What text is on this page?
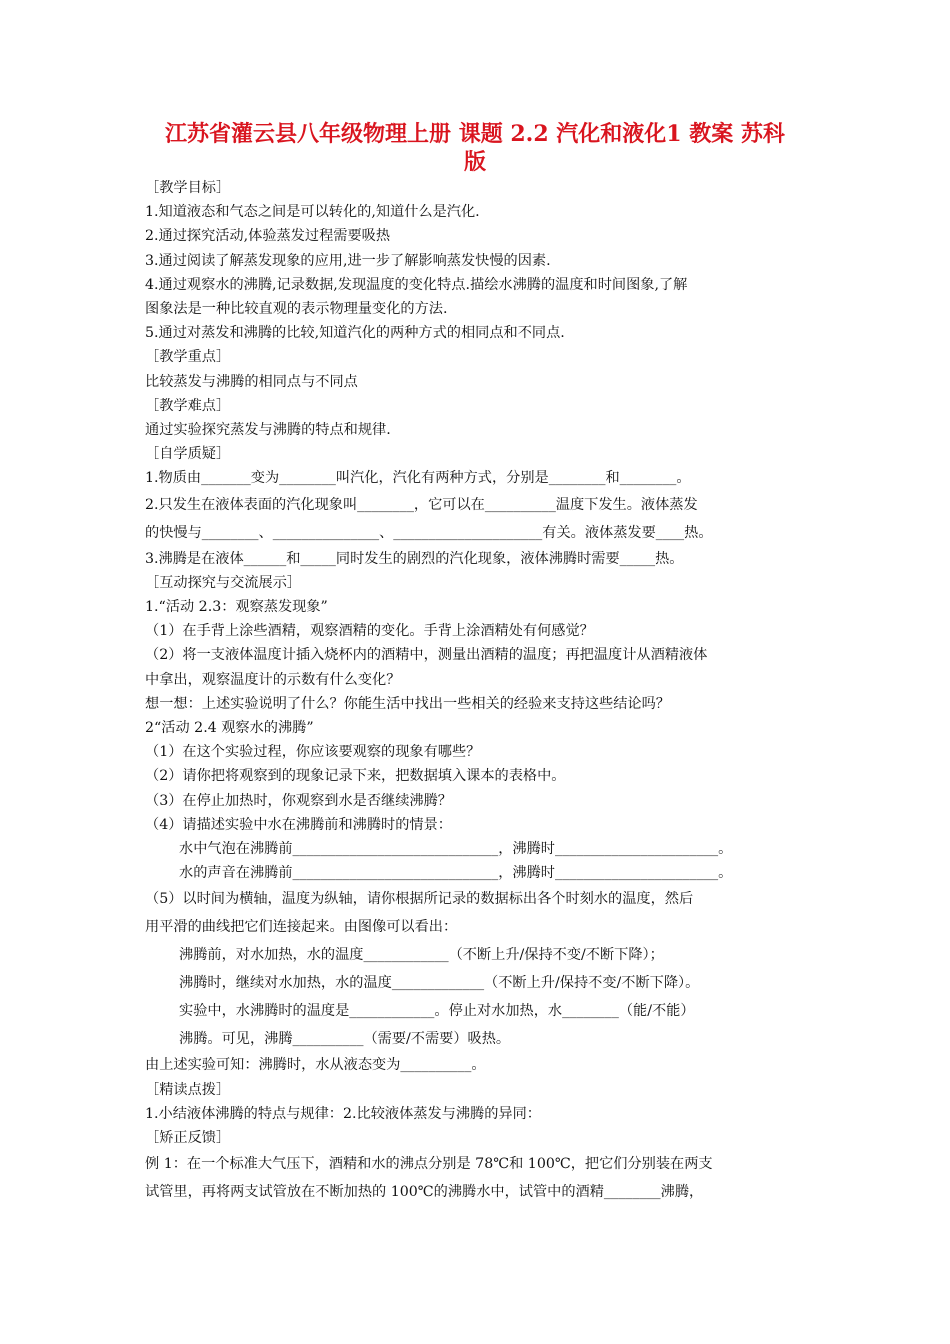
江苏省灌云县八年级物理上册 课题 2.2 汽化和液化1 教案 苏科
版
［教学目标］
1.知道液态和气态之间是可以转化的,知道什么是汽化.
2.通过探究活动,体验蒸发过程需要吸热
3.通过阅读了解蒸发现象的应用,进一步了解影响蒸发快慢的因素.
4.通过观察水的沸腾,记录数据,发现温度的变化特点.描绘水沸腾的温度和时间图象,了解
图象法是一种比较直观的表示物理量变化的方法.
5.通过对蒸发和沸腾的比较,知道汽化的两种方式的相同点和不同点.
［教学重点］
比较蒸发与沸腾的相同点与不同点
［教学难点］
通过实验探究蒸发与沸腾的特点和规律.
［自学质疑］
1.物质由_______变为________叫汽化，汽化有两种方式，分别是________和________。
2.只发生在液体表面的汽化现象叫________，它可以在__________温度下发生。液体蒸发
的快慢与________、_______________、_____________________有关。液体蒸发要____热。
3.沸腾是在液体______和_____同时发生的剧烈的汽化现象，液体沸腾时需要_____热。
［互动探究与交流展示］
1.“活动 2.3：观察蒸发现象”
（1）在手背上涂些酒精，观察酒精的变化。手背上涂酒精处有何感觉？
（2）将一支液体温度计插入烧杯内的酒精中，测量出酒精的温度；再把温度计从酒精液体
中拿出，观察温度计的示数有什么变化？
想一想：上述实验说明了什么？你能生活中找出一些相关的经验来支持这些结论吗？
2“活动 2.4 观察水的沸腾”
（1）在这个实验过程，你应该要观察的现象有哪些？
（2）请你把将观察到的现象记录下来，把数据填入课本的表格中。
（3）在停止加热时，你观察到水是否继续沸腾？
（4）请描述实验中水在沸腾前和沸腾时的情景：
水中气泡在沸腾前_____________________________，沸腾时_______________________。
水的声音在沸腾前_____________________________，沸腾时_______________________。
（5）以时间为横轴，温度为纵轴，请你根据所记录的数据标出各个时刻水的温度，然后
用平滑的曲线把它们连接起来。由图像可以看出：
沸腾前，对水加热，水的温度____________（不断上升/保持不变/不断下降）；
沸腾时，继续对水加热，水的温度_____________（不断上升/保持不变/不断下降）。
实验中，水沸腾时的温度是____________。停止对水加热，水________（能/不能）
沸腾。可见，沸腾__________（需要/不需要）吸热。
由上述实验可知：沸腾时，水从液态变为__________。
［精读点拨］
1.小结液体沸腾的特点与规律：2.比较液体蒸发与沸腾的异同：
［矫正反馈］
例 1：在一个标准大气压下，酒精和水的沸点分别是 78℃和 100℃，把它们分别装在两支
试管里，再将两支试管放在不断加热的 100℃的沸腾水中，试管中的酒精________沸腾，
